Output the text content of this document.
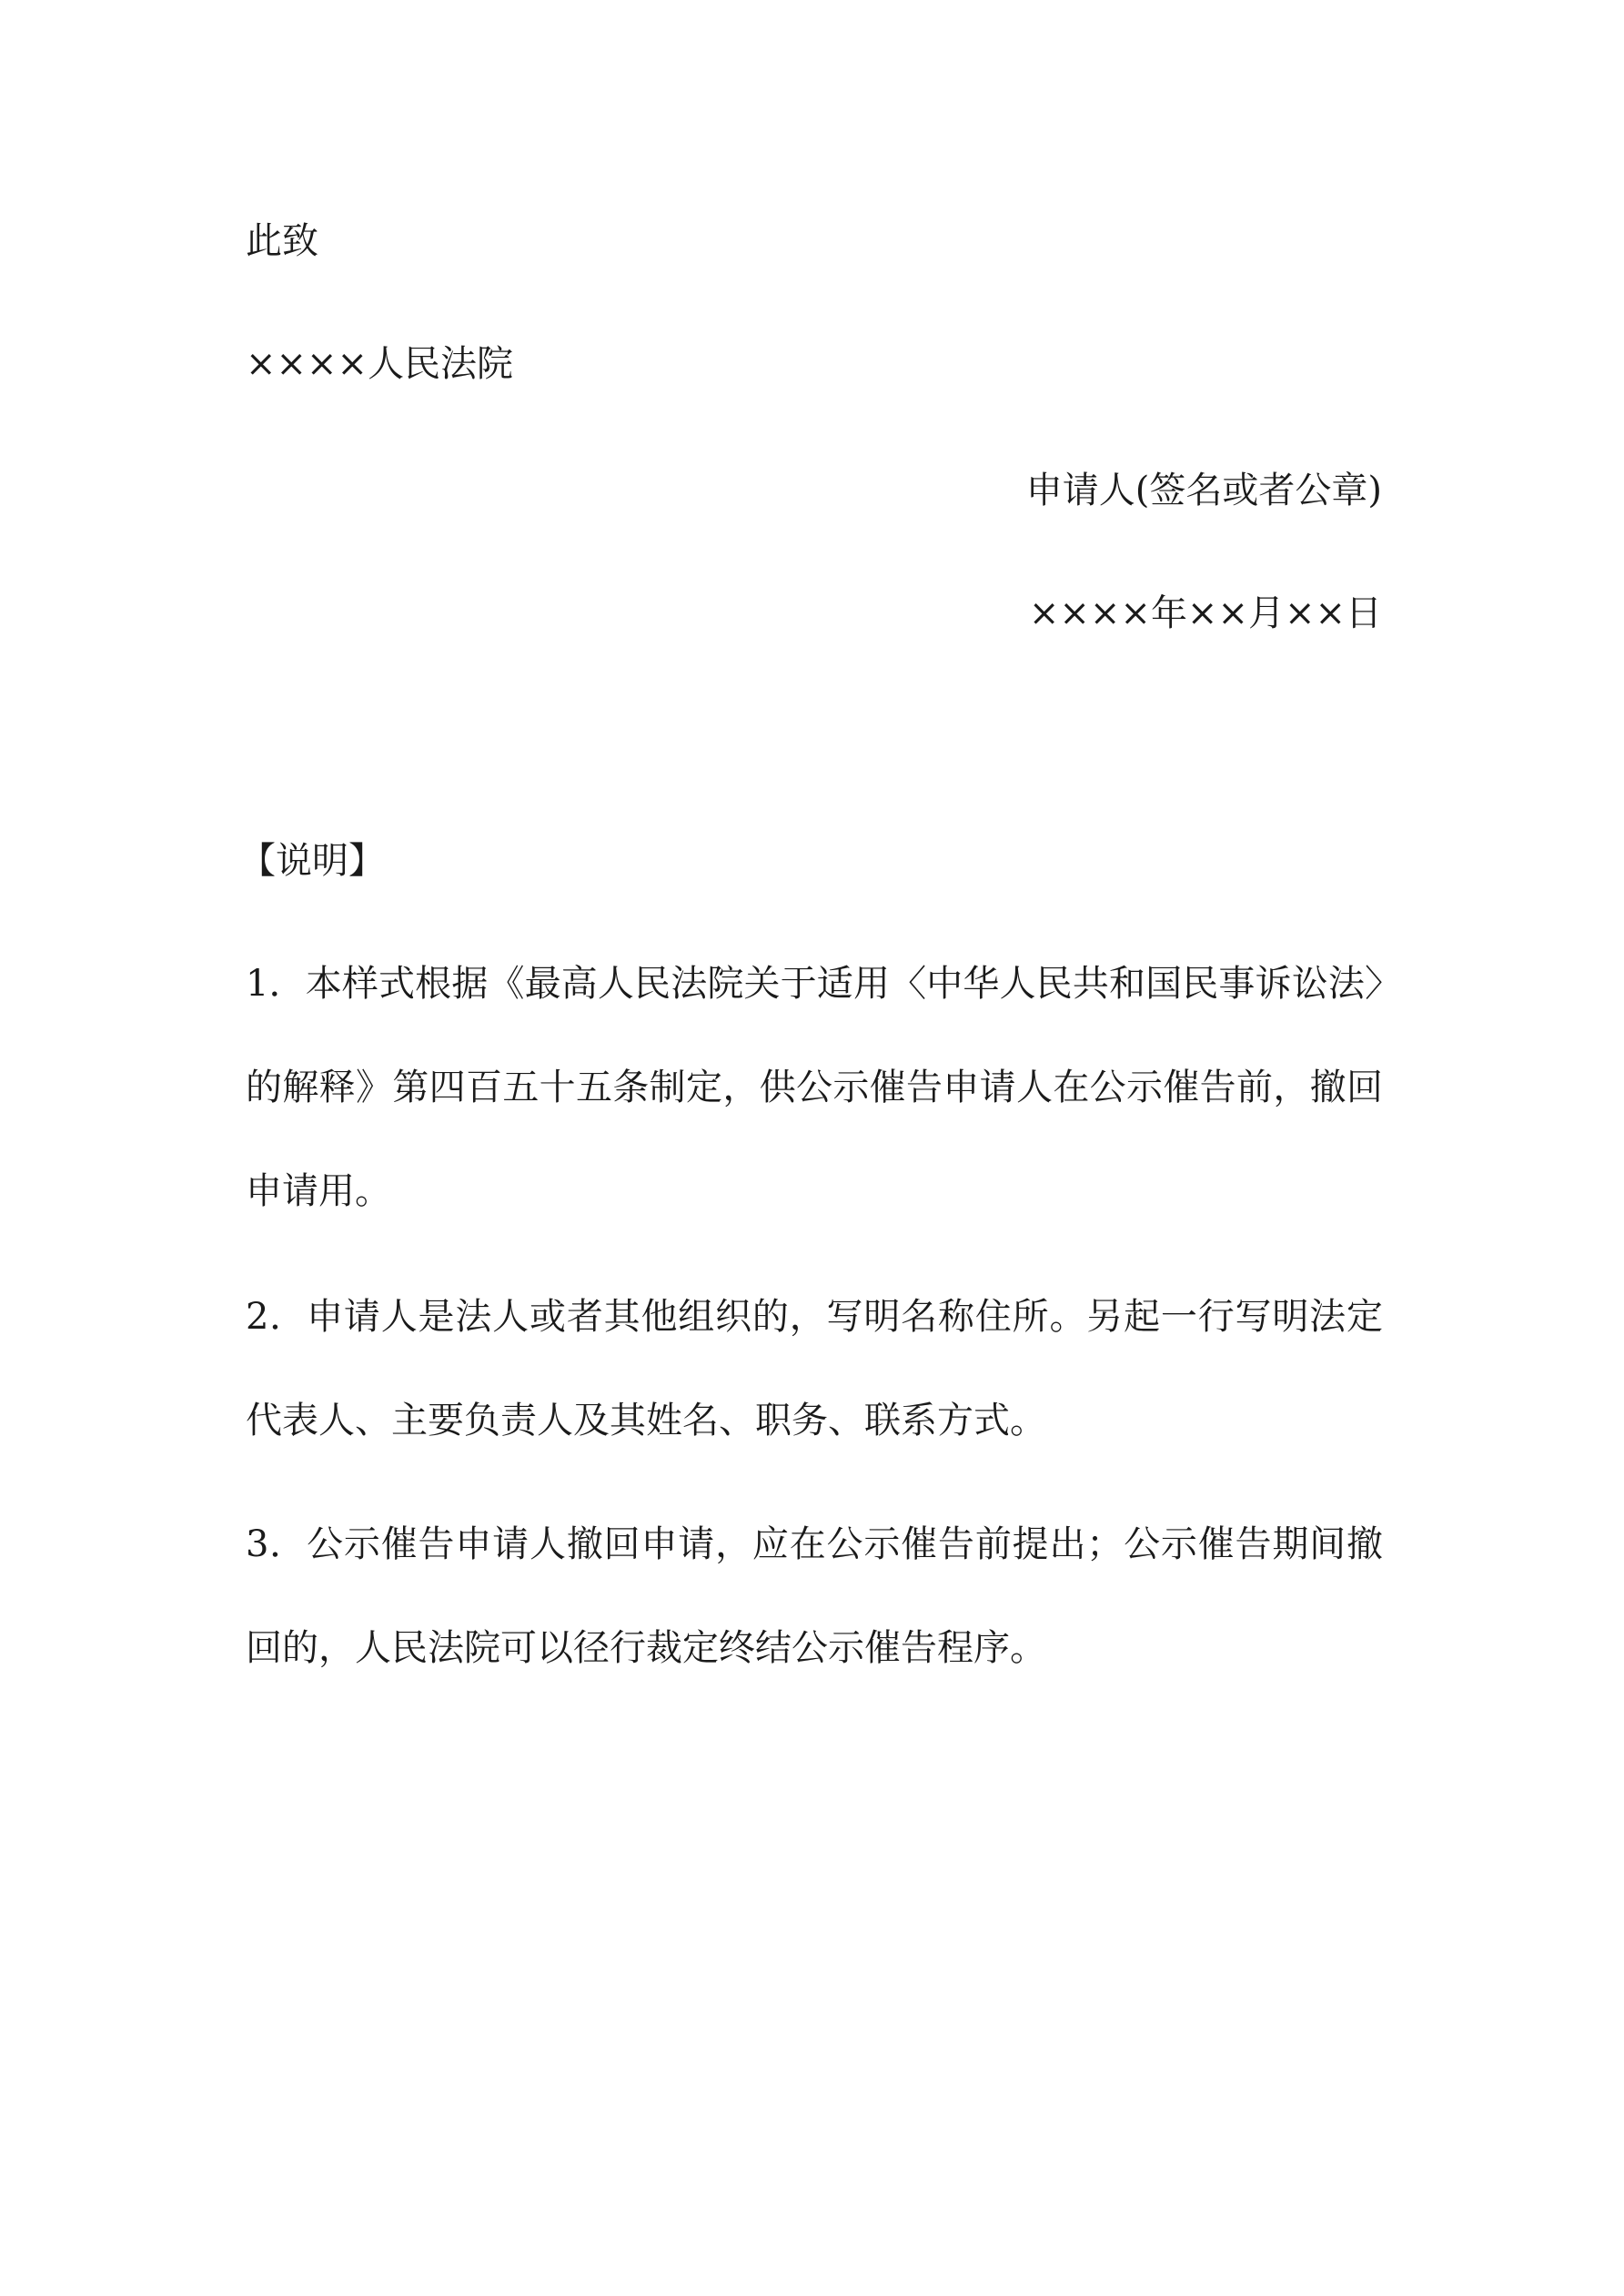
此致
××××人民法院
申请人(签名或者公章)
××××年××月××日
【说明】
1．本样式根据《最高人民法院关于适用〈中华人民共和国民事诉讼法〉的解释》第四百五十五条制定，供公示催告申请人在公示催告前，撤回申请用。
2．申请人是法人或者其他组织的，写明名称住所。另起一行写明法定代表人、主要负责人及其姓名、职务、联系方式。
3．公示催告申请人撤回申请，应在公示催告前提出；公示催告期间撤回的，人民法院可以径行裁定终结公示催告程序。
